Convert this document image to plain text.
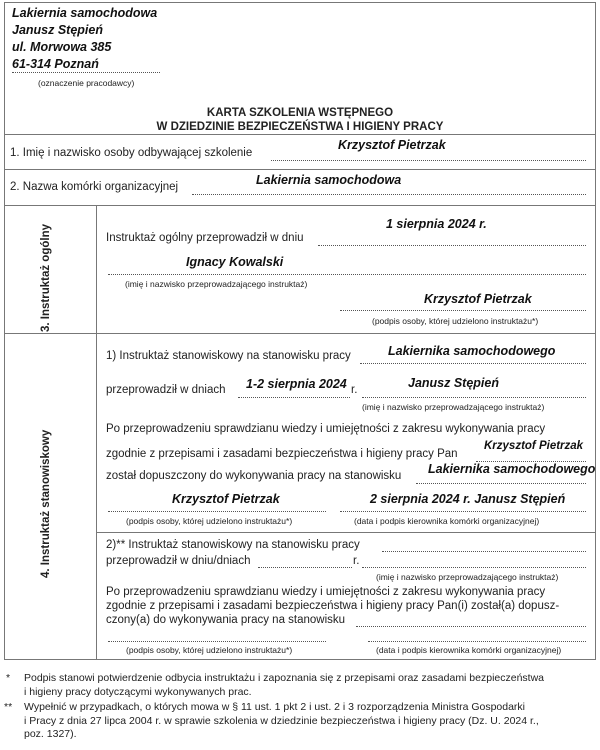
Lakiernia samochodowa
Janusz Stępień
ul. Morwowa 385
61-314 Poznań
(oznaczenie pracodawcy)
KARTA SZKOLENIA WSTĘPNEGO
W DZIEDZINIE BEZPIECZEŃSTWA I HIGIENY PRACY
1. Imię i nazwisko osoby odbywającej szkolenie
Krzysztof Pietrzak
2. Nazwa komórki organizacyjnej	Lakiernia samochodowa
3. Instruktaż ogólny	Instruktaż ogólny przeprowadził w dniu
1 sierpnia 2024 r.
Ignacy Kowalski
(imię i nazwisko przeprowadzającego instruktaż)
Krzysztof Pietrzak
(podpis osoby, której udzielono instruktażu*)
4. Instruktaż stanowiskowy
1) Instruktaż stanowiskowy na stanowisku pracy	Lakiernika samochodowego
przeprowadził w dniach 1-2 sierpnia 2024 r.	Janusz Stępień
(imię i nazwisko przeprowadzającego instruktaż)
Po przeprowadzeniu sprawdzianu wiedzy i umiejętności z zakresu wykonywania pracy
zgodnie z przepisami i zasadami bezpieczeństwa i higieny pracy Pan
Krzysztof Pietrzak
został dopuszczony do wykonywania pracy na stanowisku Lakiernika samochodowego
Krzysztof Pietrzak
(podpis osoby, której udzielono instruktażu*)
2 sierpnia 2024 r. Janusz Stępień
(data i podpis kierownika komórki organizacyjnej)
2)** Instruktaż stanowiskowy na stanowisku pracy
przeprowadził w dniu/dniach	r.
(imię i nazwisko przeprowadzającego instruktaż)
Po przeprowadzeniu sprawdzianu wiedzy i umiejętności z zakresu wykonywania pracy
zgodnie z przepisami i zasadami bezpieczeństwa i higieny pracy Pan(i) został(a) dopusz-
czony(a) do wykonywania pracy na stanowisku
(podpis osoby, której udzielono instruktażu*)	(data i podpis kierownika komórki organizacyjnej)
* Podpis stanowi potwierdzenie odbycia instruktażu i zapoznania się z przepisami oraz zasadami bezpieczeństwa
i higieny pracy dotyczącymi wykonywanych prac.
** Wypełnić w przypadkach, o których mowa w § 11 ust. 1 pkt 2 i ust. 2 i 3 rozporządzenia Ministra Gospodarki
i Pracy z dnia 27 lipca 2004 r. w sprawie szkolenia w dziedzinie bezpieczeństwa i higieny pracy (Dz. U. 2024 r.,
poz. 1327).
